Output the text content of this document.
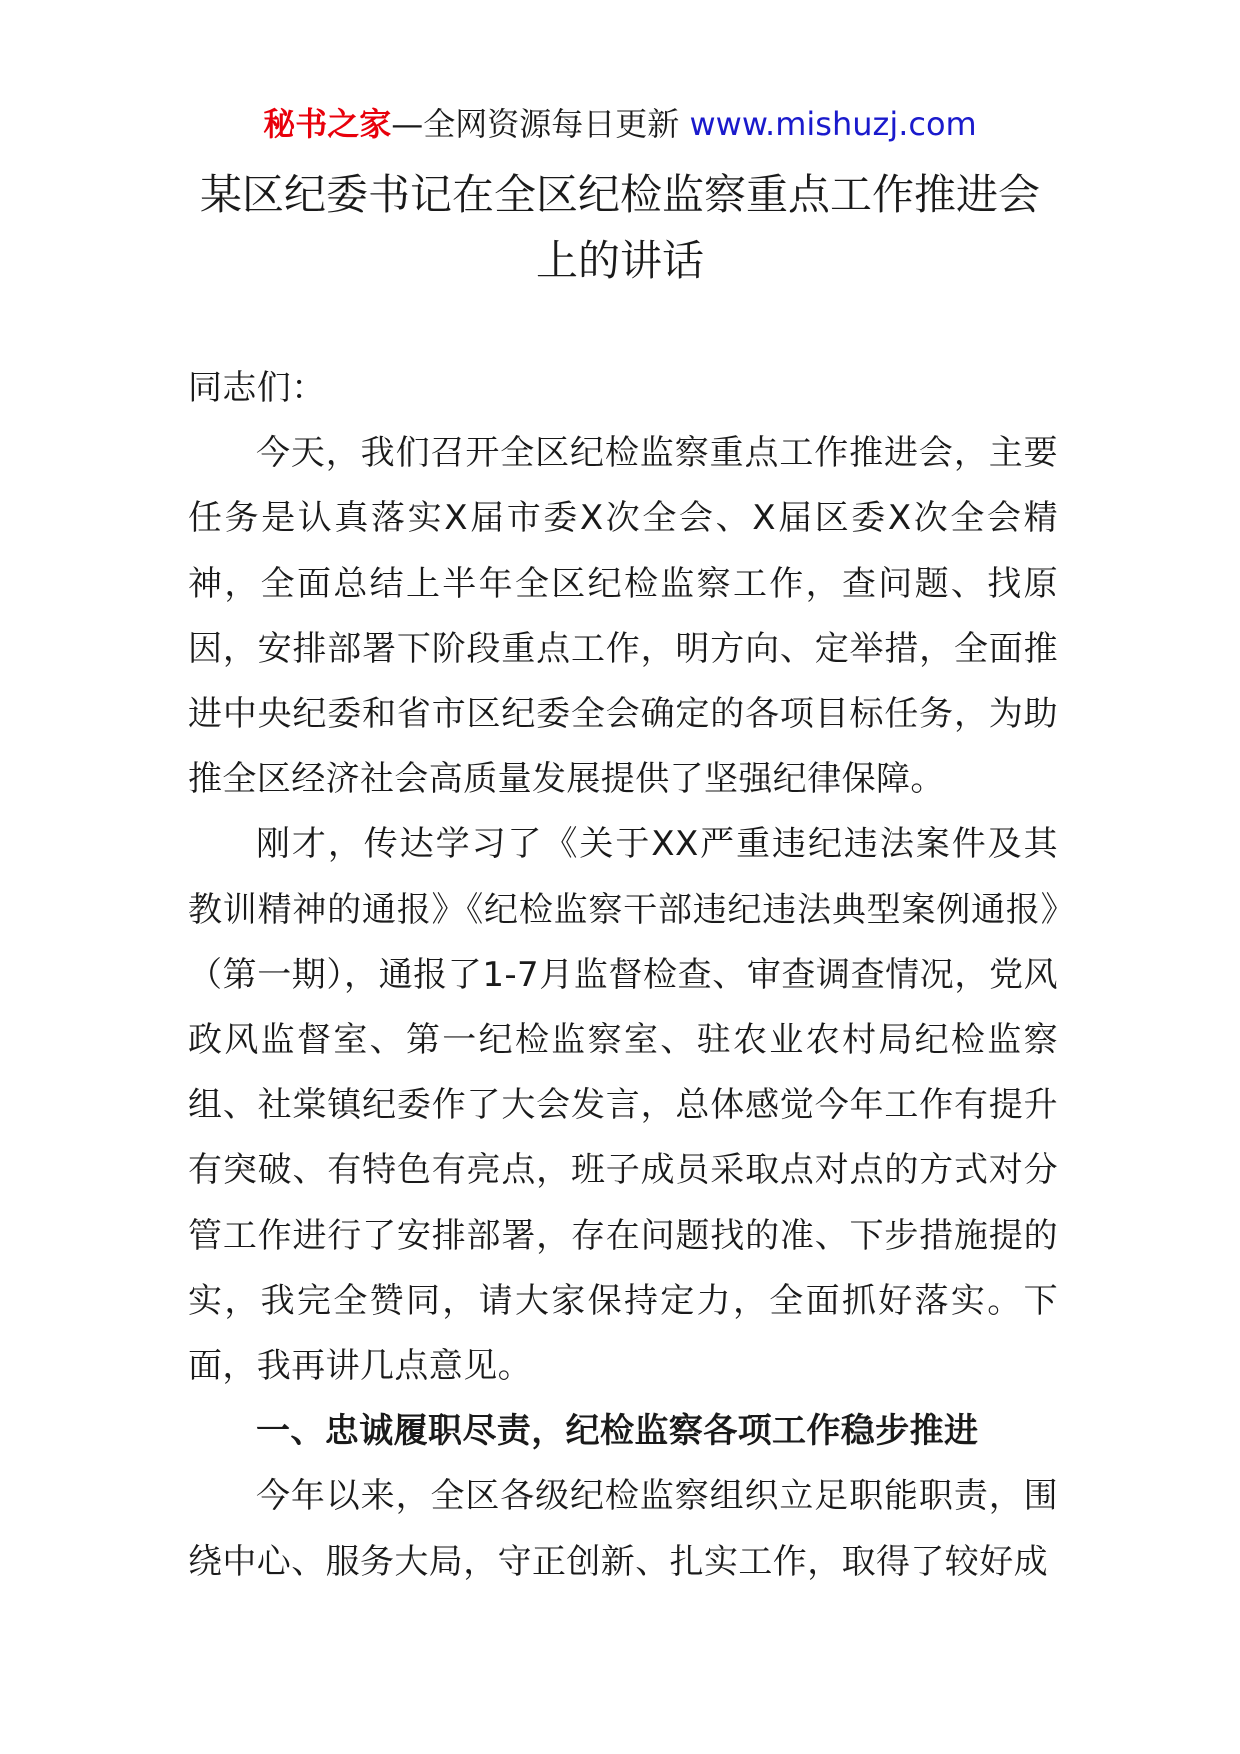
秘书之家—全网资源每日更新 www.mishuzj.com
某区纪委书记在全区纪检监察重点工作推进会
上的讲话

同志们：

今天，我们召开全区纪检监察重点工作推进会，主要任务是认真落实X届市委X次全会、X届区委X次全会精神，全面总结上半年全区纪检监察工作，查问题、找原因，安排部署下阶段重点工作，明方向、定举措，全面推进中央纪委和省市区纪委全会确定的各项目标任务，为助推全区经济社会高质量发展提供了坚强纪律保障。

刚才，传达学习了《关于XX严重违纪违法案件及其教训精神的通报》《纪检监察干部违纪违法典型案例通报》（第一期），通报了1-7月监督检查、审查调查情况，党风政风监督室、第一纪检监察室、驻农业农村局纪检监察组、社棠镇纪委作了大会发言，总体感觉今年工作有提升有突破、有特色有亮点，班子成员采取点对点的方式对分管工作进行了安排部署，存在问题找的准、下步措施提的实，我完全赞同，请大家保持定力，全面抓好落实。下面，我再讲几点意见。

一、忠诚履职尽责，纪检监察各项工作稳步推进

今年以来，全区各级纪检监察组织立足职能职责，围绕中心、服务大局，守正创新、扎实工作，取得了较好成
